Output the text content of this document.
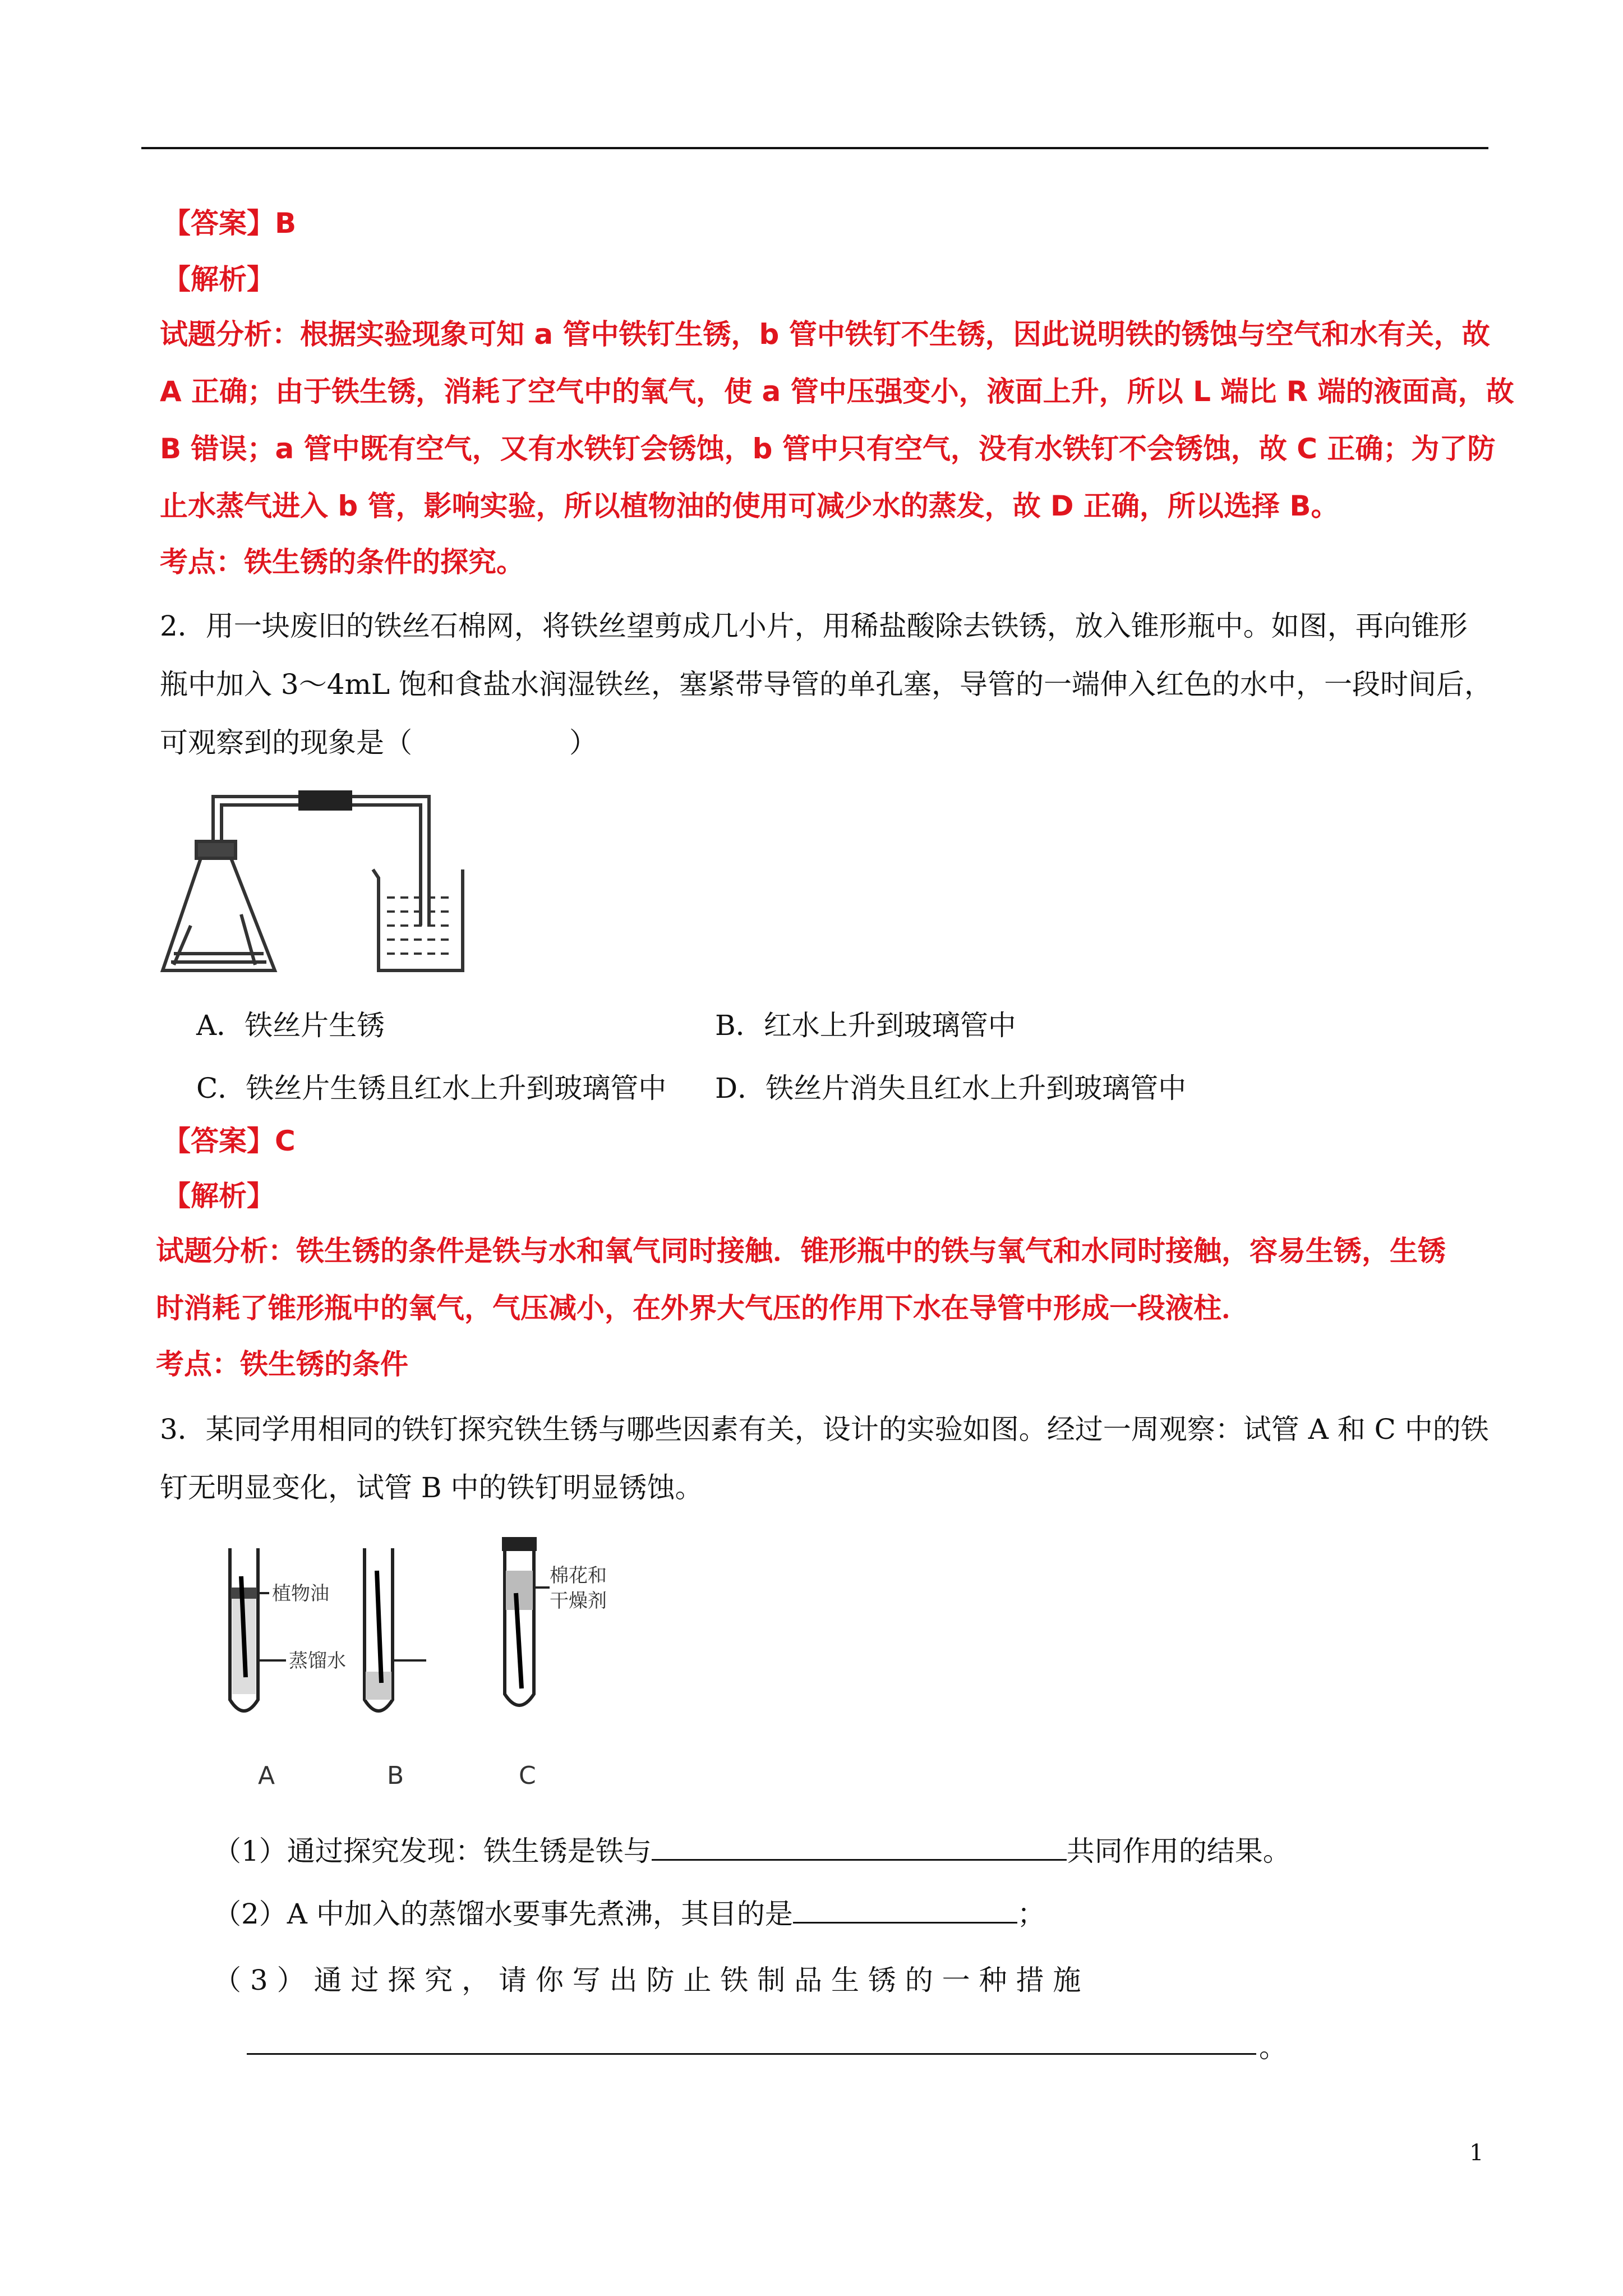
【答案】B
【解析】
试题分析：根据实验现象可知 a 管中铁钉生锈，b 管中铁钉不生锈，因此说明铁的锈蚀与空气和水有关，故
A 正确；由于铁生锈，消耗了空气中的氧气，使 a 管中压强变小，液面上升，所以 L 端比 R 端的液面高，故
B 错误；a 管中既有空气，又有水铁钉会锈蚀，b 管中只有空气，没有水铁钉不会锈蚀，故 C 正确；为了防
止水蒸气进入 b 管，影响实验，所以植物油的使用可减少水的蒸发，故 D 正确，所以选择 B。
考点：铁生锈的条件的探究。
2．用一块废旧的铁丝石棉网，将铁丝望剪成几小片，用稀盐酸除去铁锈，放入锥形瓶中。如图，再向锥形
瓶中加入 3～4mL 饱和食盐水润湿铁丝，塞紧带导管的单孔塞，导管的一端伸入红色的水中，一段时间后，
可观察到的现象是（	）
A．铁丝片生锈	B．红水上升到玻璃管中
C．铁丝片生锈且红水上升到玻璃管中 D．铁丝片消失且红水上升到玻璃管中
【答案】C
【解析】
试题分析：铁生锈的条件是铁与水和氧气同时接触．锥形瓶中的铁与氧气和水同时接触，容易生锈，生锈
时消耗了锥形瓶中的氧气，气压减小，在外界大气压的作用下水在导管中形成一段液柱．
考点：铁生锈的条件
3．某同学用相同的铁钉探究铁生锈与哪些因素有关，设计的实验如图。经过一周观察：试管 A 和 C 中的铁
钉无明显变化，试管 B 中的铁钉明显锈蚀。
植物油
蒸馏水
棉花和
干燥剂
A	B	C
（1）通过探究发现：铁生锈是铁与	共同作用的结果。
（2）A 中加入的蒸馏水要事先煮沸，其目的是	；
（ 3 ） 通 过 探 究 ， 请 你 写 出 防 止 铁 制 品 生 锈 的 一 种 措 施
。
1
